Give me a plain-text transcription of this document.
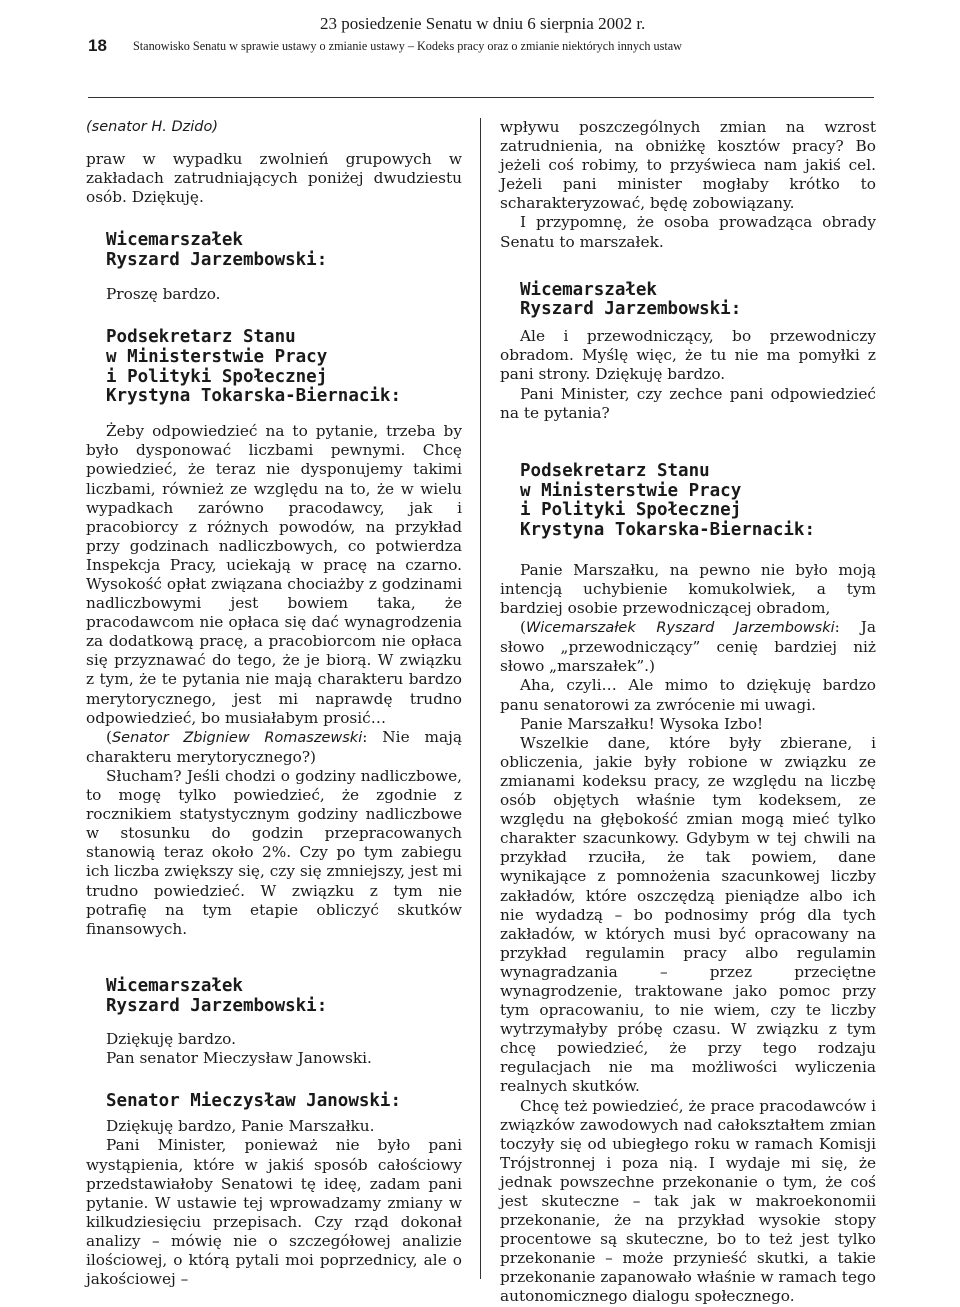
23 posiedzenie Senatu w dniu 6 sierpnia 2002 r.
18 Stanowisko Senatu w sprawie ustawy o zmianie ustawy – Kodeks pracy oraz o zmianie niektórych innych ustaw

(senator H. Dzido)

praw w wypadku zwolnień grupowych w zakładach zatrudniających poniżej dwudziestu osób. Dziękuję.

Wicemarszałek
Ryszard Jarzembowski:

Proszę bardzo.

Podsekretarz Stanu
w Ministerstwie Pracy
i Polityki Społecznej
Krystyna Tokarska-Biernacik:

Żeby odpowiedzieć na to pytanie, trzeba by było dysponować liczbami pewnymi. Chcę powiedzieć, że teraz nie dysponujemy takimi liczbami, również ze względu na to, że w wielu wypadkach zarówno pracodawcy, jak i pracobiorcy z różnych powodów, na przykład przy godzinach nadliczbowych, co potwierdza Inspekcja Pracy, uciekają w pracę na czarno. Wysokość opłat związana chociażby z godzinami nadliczbowymi jest bowiem taka, że pracodawcom nie opłaca się dać wynagrodzenia za dodatkową pracę, a pracobiorcom nie opłaca się przyznawać do tego, że je biorą. W związku z tym, że te pytania nie mają charakteru bardzo merytorycznego, jest mi naprawdę trudno odpowiedzieć, bo musiałabym prosić…

(Senator Zbigniew Romaszewski: Nie mają charakteru merytorycznego?)

Słucham? Jeśli chodzi o godziny nadliczbowe, to mogę tylko powiedzieć, że zgodnie z rocznikiem statystycznym godziny nadliczbowe w stosunku do godzin przepracowanych stanowią teraz około 2%. Czy po tym zabiegu ich liczba zwiększy się, czy się zmniejszy, jest mi trudno powiedzieć. W związku z tym nie potrafię na tym etapie obliczyć skutków finansowych.

Wicemarszałek
Ryszard Jarzembowski:

Dziękuję bardzo.

Pan senator Mieczysław Janowski.

Senator Mieczysław Janowski:

Dziękuję bardzo, Panie Marszałku.

Pani Minister, ponieważ nie było pani wystąpienia, które w jakiś sposób całościowy przedstawiałoby Senatowi tę ideę, zadam pani pytanie. W ustawie tej wprowadzamy zmiany w kilkudziesięciu przepisach. Czy rząd dokonał analizy – mówię nie o szczegółowej analizie ilościowej, o którą pytali moi poprzednicy, ale o jakościowej –

wpływu poszczególnych zmian na wzrost zatrudnienia, na obniżkę kosztów pracy? Bo jeżeli coś robimy, to przyświeca nam jakiś cel. Jeżeli pani minister mogłaby krótko to scharakteryzować, będę zobowiązany.

I przypomnę, że osoba prowadząca obrady Senatu to marszałek.

Wicemarszałek
Ryszard Jarzembowski:

Ale i przewodniczący, bo przewodniczy obradom. Myślę więc, że tu nie ma pomyłki z pani strony. Dziękuję bardzo.

Pani Minister, czy zechce pani odpowiedzieć na te pytania?

Podsekretarz Stanu
w Ministerstwie Pracy
i Polityki Społecznej
Krystyna Tokarska-Biernacik:

Panie Marszałku, na pewno nie było moją intencją uchybienie komukolwiek, a tym bardziej osobie przewodniczącej obradom,

(Wicemarszałek Ryszard Jarzembowski: Ja słowo „przewodniczący” cenię bardziej niż słowo „marszałek”.)

Aha, czyli… Ale mimo to dziękuję bardzo panu senatorowi za zwrócenie mi uwagi.

Panie Marszałku! Wysoka Izbo!

Wszelkie dane, które były zbierane, i obliczenia, jakie były robione w związku ze zmianami kodeksu pracy, ze względu na liczbę osób objętych właśnie tym kodeksem, ze względu na głębokość zmian mogą mieć tylko charakter szacunkowy. Gdybym w tej chwili na przykład rzuciła, że tak powiem, dane wynikające z pomnożenia szacunkowej liczby zakładów, które oszczędzą pieniądze albo ich nie wydadzą – bo podnosimy próg dla tych zakładów, w których musi być opracowany na przykład regulamin pracy albo regulamin wynagradzania – przez przeciętne wynagrodzenie, traktowane jako pomoc przy tym opracowaniu, to nie wiem, czy te liczby wytrzymałyby próbę czasu. W związku z tym chcę powiedzieć, że przy tego rodzaju regulacjach nie ma możliwości wyliczenia realnych skutków.

Chcę też powiedzieć, że prace pracodawców i związków zawodowych nad całokształtem zmian toczyły się od ubiegłego roku w ramach Komisji Trójstronnej i poza nią. I wydaje mi się, że jednak powszechne przekonanie o tym, że coś jest skuteczne – tak jak w makroekonomii przekonanie, że na przykład wysokie stopy procentowe są skuteczne, bo to też jest tylko przekonanie – może przynieść skutki, a takie przekonanie zapanowało właśnie w ramach tego autonomicznego dialogu społecznego.
